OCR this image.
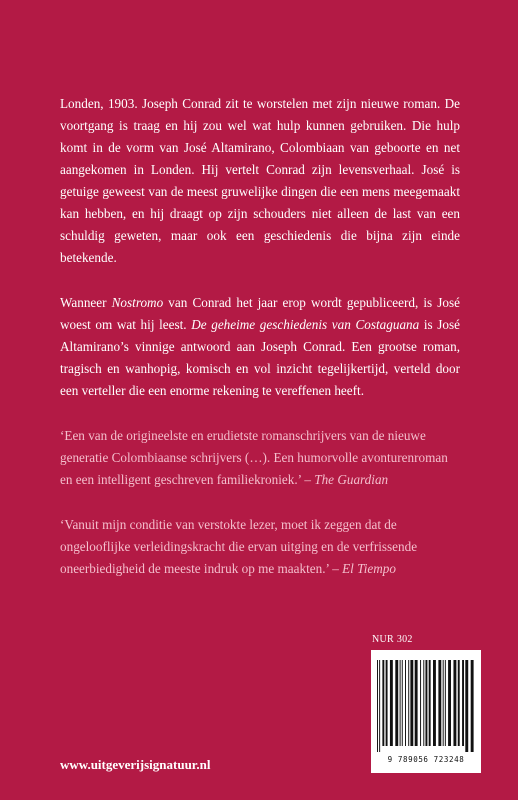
Londen, 1903. Joseph Conrad zit te worstelen met zijn nieuwe roman. De voortgang is traag en hij zou wel wat hulp kunnen gebruiken. Die hulp komt in de vorm van José Altamirano, Colombiaan van geboorte en net aangekomen in Londen. Hij vertelt Conrad zijn levensverhaal. José is getuige geweest van de meest gruwelijke dingen die een mens meegemaakt kan hebben, en hij draagt op zijn schouders niet alleen de last van een schuldig geweten, maar ook een geschiedenis die bijna zijn einde betekende.

Wanneer Nostromo van Conrad het jaar erop wordt gepubliceerd, is José woest om wat hij leest. De geheime geschiedenis van Costaguana is José Altamirano’s vinnige antwoord aan Joseph Conrad. Een grootse roman, tragisch en wanhopig, komisch en vol inzicht tegelijkertijd, verteld door een verteller die een enorme rekening te vereffenen heeft.

‘Een van de origineelste en erudietste romanschrijvers van de nieuwe generatie Colombiaanse schrijvers (…). Een humorvolle avonturenroman en een intelligent geschreven familiekroniek.’ – The Guardian

‘Vanuit mijn conditie van verstokte lezer, moet ik zeggen dat de ongelooflijke verleidingskracht die ervan uitging en de verfrissende oneerbiedigheid de meeste indruk op me maakten.’ – El Tiempo

NUR 302
9 789056 723248
www.uitgeverijsignatuur.nl
